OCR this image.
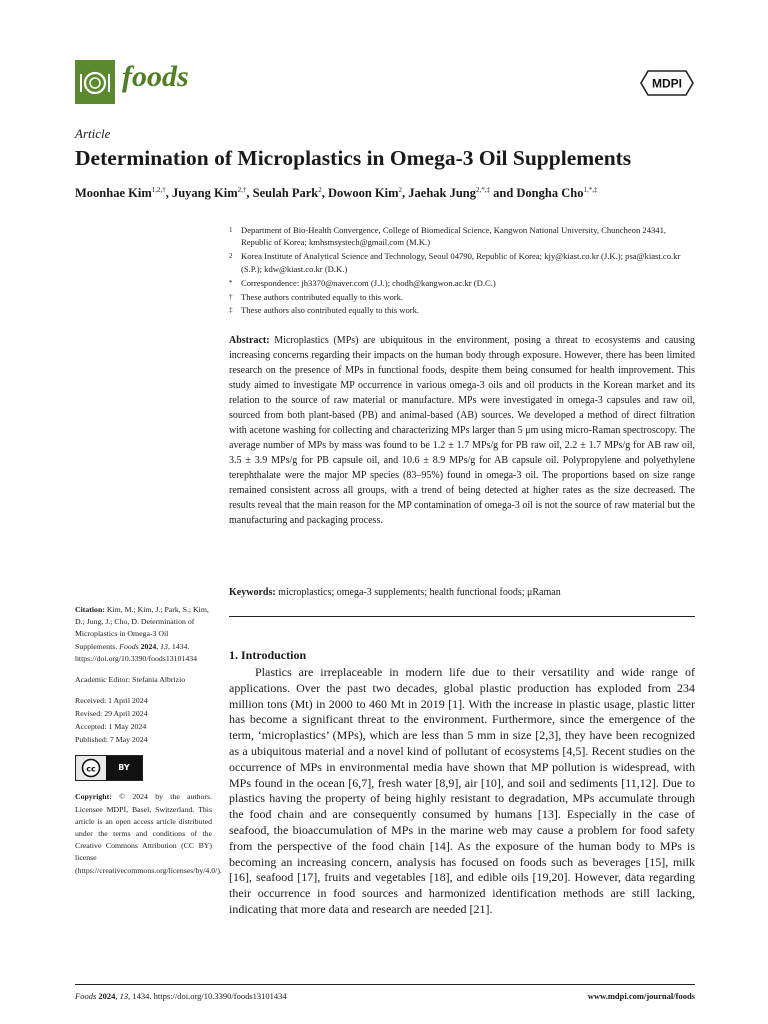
foods	MDPI
Article
Determination of Microplastics in Omega-3 Oil Supplements
Moonhae Kim$^{1,2,\dagger}$, Juyang Kim$^{2,\dagger}$, Seulah Park$^2$, Dowoon Kim$^2$, Jaehak Jung$^{2,*,\ddagger}$ and Dongha Cho$^{1,*,\ddagger}$
1 Department of Bio-Health Convergence, College of Biomedical Science, Kangwon National University, Chuncheon 24341, Republic of Korea; kmhsmsystech@gmail.com (M.K.)
2 Korea Institute of Analytical Science and Technology, Seoul 04790, Republic of Korea; kjy@kiast.co.kr (J.K.); psa@kiast.co.kr (S.P.); kdw@kiast.co.kr (D.K.)
* Correspondence: jh3370@naver.com (J.J.); chodh@kangwon.ac.kr (D.C.)
† These authors contributed equally to this work.
‡ These authors also contributed equally to this work.
Abstract: Microplastics (MPs) are ubiquitous in the environment, posing a threat to ecosystems and causing increasing concerns regarding their impacts on the human body through exposure. However, there has been limited research on the presence of MPs in functional foods, despite them being consumed for health improvement. This study aimed to investigate MP occurrence in various omega-3 oils and oil products in the Korean market and its relation to the source of raw material or manufacture. MPs were investigated in omega-3 capsules and raw oil, sourced from both plant-based (PB) and animal-based (AB) sources. We developed a method of direct filtration with acetone washing for collecting and characterizing MPs larger than 5 μm using micro-Raman spectroscopy. The average number of MPs by mass was found to be 1.2 ± 1.7 MPs/g for PB raw oil, 2.2 ± 1.7 MPs/g for AB raw oil, 3.5 ± 3.9 MPs/g for PB capsule oil, and 10.6 ± 8.9 MPs/g for AB capsule oil. Polypropylene and polyethylene terephthalate were the major MP species (83–95%) found in omega-3 oil. The proportions based on size range remained consistent across all groups, with a trend of being detected at higher rates as the size decreased. The results reveal that the main reason for the MP contamination of omega-3 oil is not the source of raw material but the manufacturing and packaging process.
Keywords: microplastics; omega-3 supplements; health functional foods; μRaman
Citation: Kim, M.; Kim, J.; Park, S.; Kim, D.; Jung, J.; Cho, D. Determination of Microplastics in Omega-3 Oil Supplements. Foods 2024, 13, 1434. https://doi.org/10.3390/foods13101434
Academic Editor: Stefania Albrizio
Received: 1 April 2024
Revised: 29 April 2024
Accepted: 1 May 2024
Published: 7 May 2024
cc	BY
Copyright: © 2024 by the authors. Licensee MDPI, Basel, Switzerland. This article is an open access article distributed under the terms and conditions of the Creative Commons Attribution (CC BY) license (https://creativecommons.org/licenses/by/4.0/).
1. Introduction

Plastics are irreplaceable in modern life due to their versatility and wide range of applications. Over the past two decades, global plastic production has exploded from 234 million tons (Mt) in 2000 to 460 Mt in 2019 [1]. With the increase in plastic usage, plastic litter has become a significant threat to the environment. Furthermore, since the emergence of the term, ‘microplastics’ (MPs), which are less than 5 mm in size [2,3], they have been recognized as a ubiquitous material and a novel kind of pollutant of ecosystems [4,5]. Recent studies on the occurrence of MPs in environmental media have shown that MP pollution is widespread, with MPs found in the ocean [6,7], fresh water [8,9], air [10], and soil and sediments [11,12]. Due to plastics having the property of being highly resistant to degradation, MPs accumulate through the food chain and are consequently consumed by humans [13]. Especially in the case of seafood, the bioaccumulation of MPs in the marine web may cause a problem for food safety from the perspective of the food chain [14]. As the exposure of the human body to MPs is becoming an increasing concern, analysis has focused on foods such as beverages [15], milk [16], seafood [17], fruits and vegetables [18], and edible oils [19,20]. However, data regarding their occurrence in food sources and harmonized identification methods are still lacking, indicating that more data and research are needed [21].

Foods 2024, 13, 1434. https://doi.org/10.3390/foods13101434	www.mdpi.com/journal/foods
